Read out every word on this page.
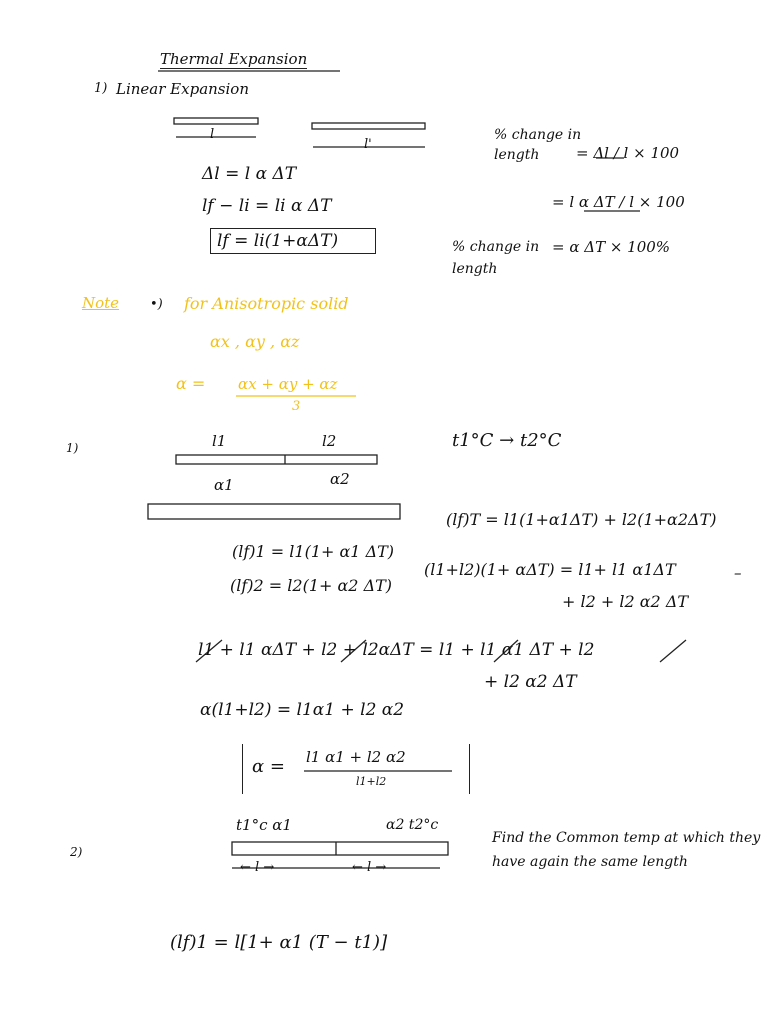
Thermal Expansion
1) Linear Expansion
l
l'
Δl = l α ΔT
lf − li = li α ΔT
lf = li(1+αΔT)
% change in length	= Δl / l × 100
= l α ΔT / l × 100
% change in length
= α ΔT × 100%
Note •) for Anisotropic solid
αx , αy , αz
α = αx + αy + αz
3
1)	l1	l2
α1	α2
t1°C → t2°C
(lf)T = l1(1+α1ΔT) + l2(1+α2ΔT)
(lf)1 = l1(1+ α1 ΔT)
(lf)2 = l2(1+ α2 ΔT)
(l1+l2)(1+ αΔT) = l1+ l1 α1ΔT	–
+ l2 + l2 α2 ΔT
l1 + l1 αΔT + l2 + l2αΔT = l1 + l1 α1 ΔT + l2
+ l2 α2 ΔT
α(l1+l2) = l1α1 + l2 α2
α = l1 α1 + l2 α2
l1+l2
2)
t1°c α1	α2 t2°c
← l →	← l →
Find the Common temp at which they have again the same length
(lf)1 = l[1+ α1 (T − t1)]
